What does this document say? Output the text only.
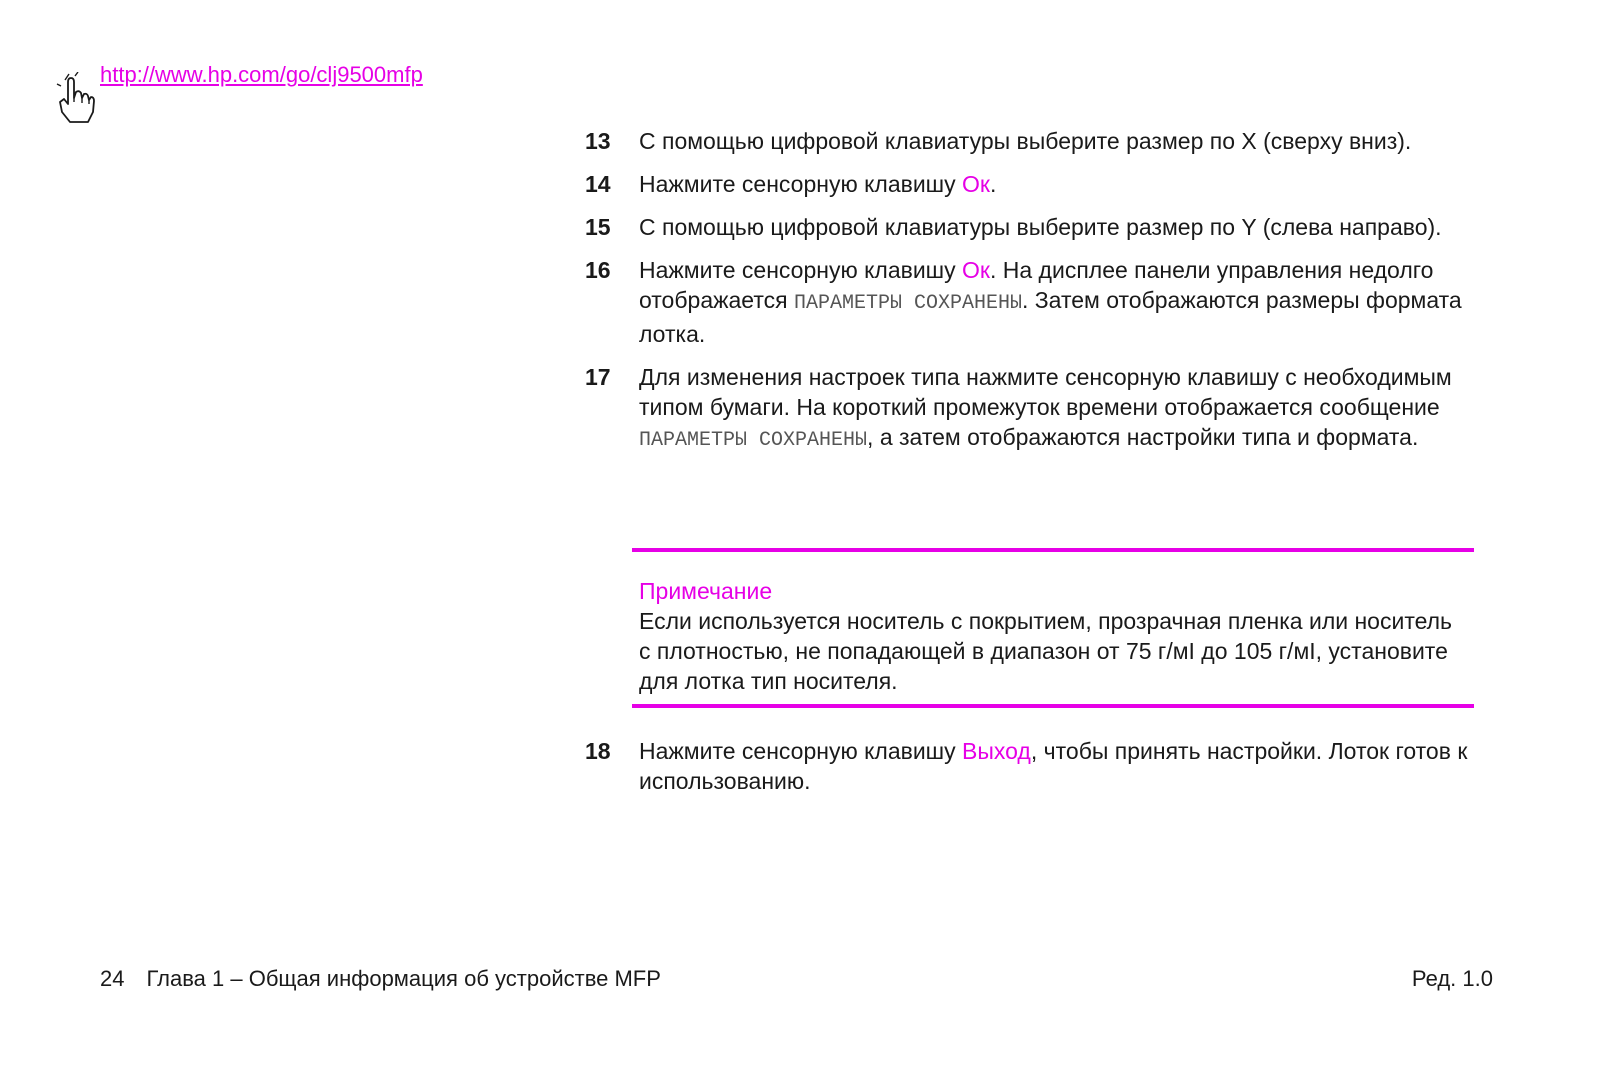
http://www.hp.com/go/clj9500mfp
13	С помощью цифровой клавиатуры выберите размер по X (сверху вниз).
14	Нажмите сенсорную клавишу Ок.
15	С помощью цифровой клавиатуры выберите размер по Y (слева направо).
16	Нажмите сенсорную клавишу Ок. На дисплее панели управления недолго отображается ПАРАМЕТРЫ СОХРАНЕНЫ. Затем отображаются размеры формата лотка.
17	Для изменения настроек типа нажмите сенсорную клавишу с необходимым типом бумаги. На короткий промежуток времени отображается сообщение ПАРАМЕТРЫ СОХРАНЕНЫ, а затем отображаются настройки типа и формата.
Примечание
Если используется носитель с покрытием, прозрачная пленка или носитель с плотностью, не попадающей в диапазон от 75 г/мІ до 105 г/мІ, установите для лотка тип носителя.
18	Нажмите сенсорную клавишу Выход, чтобы принять настройки. Лоток готов к использованию.
24 Глава 1 – Общая информация об устройстве MFP	Ред. 1.0
